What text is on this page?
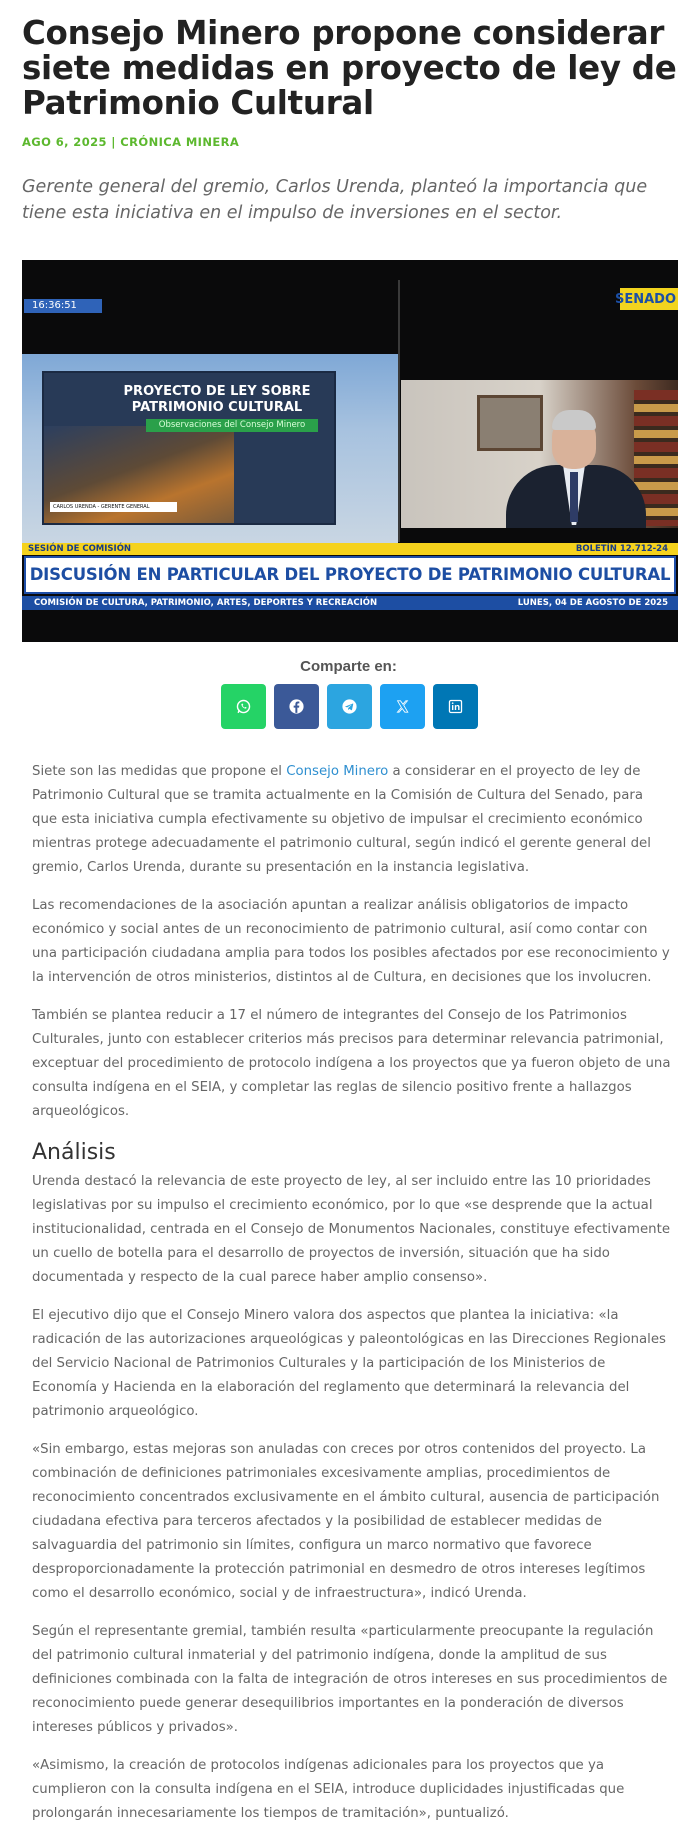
Consejo Minero propone considerar siete medidas en proyecto de ley de Patrimonio Cultural
AGO 6, 2025 | CRÓNICA MINERA

Gerente general del gremio, Carlos Urenda, planteó la importancia que tiene esta iniciativa en el impulso de inversiones en el sector.

PROYECTO DE LEY SOBRE PATRIMONIO CULTURAL
Observaciones del Consejo Minero
CARLOS URENDA - GERENTE GENERAL
16:36:51	SENADO
SESIÓN DE COMISIÓN	BOLETÍN 12.712-24
DISCUSIÓN EN PARTICULAR DEL PROYECTO DE PATRIMONIO CULTURAL
COMISIÓN DE CULTURA, PATRIMONIO, ARTES, DEPORTES Y RECREACIÓN	LUNES, 04 DE AGOSTO DE 2025
Comparte en:

Siete son las medidas que propone el Consejo Minero a considerar en el proyecto de ley de Patrimonio Cultural que se tramita actualmente en la Comisión de Cultura del Senado, para que esta iniciativa cumpla efectivamente su objetivo de impulsar el crecimiento económico mientras protege adecuadamente el patrimonio cultural, según indicó el gerente general del gremio, Carlos Urenda, durante su presentación en la instancia legislativa.

Las recomendaciones de la asociación apuntan a realizar análisis obligatorios de impacto económico y social antes de un reconocimiento de patrimonio cultural, asií como contar con una participación ciudadana amplia para todos los posibles afectados por ese reconocimiento y la intervención de otros ministerios, distintos al de Cultura, en decisiones que los involucren.

También se plantea reducir a 17 el número de integrantes del Consejo de los Patrimonios Culturales, junto con establecer criterios más precisos para determinar relevancia patrimonial, exceptuar del procedimiento de protocolo indígena a los proyectos que ya fueron objeto de una consulta indígena en el SEIA, y completar las reglas de silencio positivo frente a hallazgos arqueológicos.

Análisis

Urenda destacó la relevancia de este proyecto de ley, al ser incluido entre las 10 prioridades legislativas por su impulso el crecimiento económico, por lo que «se desprende que la actual institucionalidad, centrada en el Consejo de Monumentos Nacionales, constituye efectivamente un cuello de botella para el desarrollo de proyectos de inversión, situación que ha sido documentada y respecto de la cual parece haber amplio consenso».

El ejecutivo dijo que el Consejo Minero valora dos aspectos que plantea la iniciativa: «la radicación de las autorizaciones arqueológicas y paleontológicas en las Direcciones Regionales del Servicio Nacional de Patrimonios Culturales y la participación de los Ministerios de Economía y Hacienda en la elaboración del reglamento que determinará la relevancia del patrimonio arqueológico.

«Sin embargo, estas mejoras son anuladas con creces por otros contenidos del proyecto. La combinación de definiciones patrimoniales excesivamente amplias, procedimientos de reconocimiento concentrados exclusivamente en el ámbito cultural, ausencia de participación ciudadana efectiva para terceros afectados y la posibilidad de establecer medidas de salvaguardia del patrimonio sin límites, configura un marco normativo que favorece desproporcionadamente la protección patrimonial en desmedro de otros intereses legítimos como el desarrollo económico, social y de infraestructura», indicó Urenda.

Según el representante gremial, también resulta «particularmente preocupante la regulación del patrimonio cultural inmaterial y del patrimonio indígena, donde la amplitud de sus definiciones combinada con la falta de integración de otros intereses en sus procedimientos de reconocimiento puede generar desequilibrios importantes en la ponderación de diversos intereses públicos y privados».

«Asimismo, la creación de protocolos indígenas adicionales para los proyectos que ya cumplieron con la consulta indígena en el SEIA, introduce duplicidades injustificadas que prolongarán innecesariamente los tiempos de tramitación», puntualizó.
